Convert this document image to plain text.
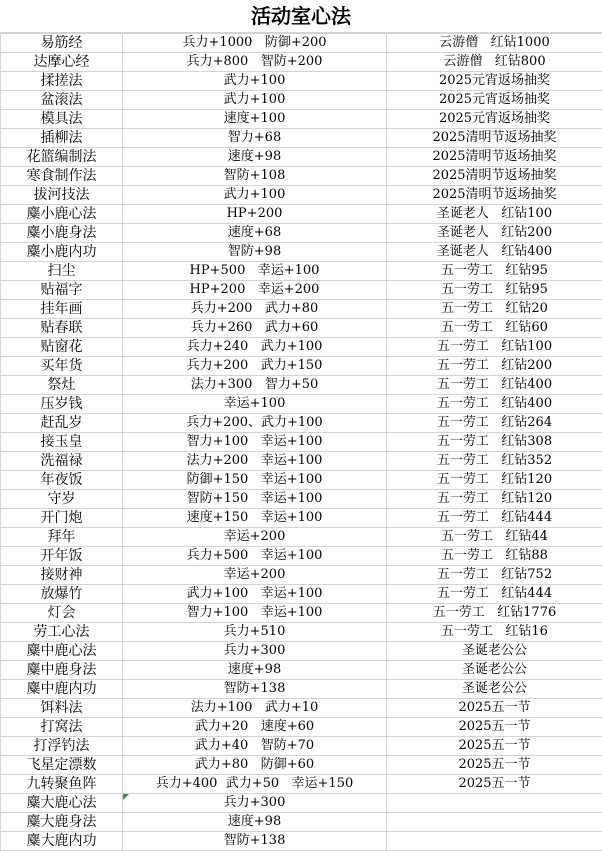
活动室心法
易筋经	兵力+1000   防御+200	云游僧   红钻1000
达摩心经	兵力+800   智防+200	云游僧   红钻800
揉搓法	武力+100	2025元宵返场抽奖
盆滚法	武力+100	2025元宵返场抽奖
模具法	速度+100	2025元宵返场抽奖
插柳法	智力+68	2025清明节返场抽奖
花篮编制法	速度+98	2025清明节返场抽奖
寒食制作法	智防+108	2025清明节返场抽奖
拔河技法	武力+100	2025清明节返场抽奖
麋小鹿心法	HP+200	圣诞老人   红钻100
麋小鹿身法	速度+68	圣诞老人   红钻200
麋小鹿内功	智防+98	圣诞老人   红钻400
扫尘	HP+500   幸运+100	五一劳工   红钻95
贴福字	HP+200   幸运+200	五一劳工   红钻95
挂年画	兵力+200   武力+80	五一劳工   红钻20
贴春联	兵力+260   武力+60	五一劳工   红钻60
贴窗花	兵力+240   武力+100	五一劳工   红钻100
买年货	兵力+200   武力+150	五一劳工   红钻200
祭灶	法力+300   智力+50	五一劳工   红钻400
压岁钱	幸运+100	五一劳工   红钻400
赶乱岁	兵力+200、武力+100	五一劳工   红钻264
接玉皇	智力+100   幸运+100	五一劳工   红钻308
洗福禄	法力+200   幸运+100	五一劳工   红钻352
年夜饭	防御+150   幸运+100	五一劳工   红钻120
守岁	智防+150   幸运+100	五一劳工   红钻120
开门炮	速度+150   幸运+100	五一劳工   红钻444
拜年	幸运+200	五一劳工   红钻44
开年饭	兵力+500   幸运+100	五一劳工   红钻88
接财神	幸运+200	五一劳工   红钻752
放爆竹	武力+100   幸运+100	五一劳工   红钻444
灯会	智力+100   幸运+100	五一劳工   红钻1776
劳工心法	兵力+510	五一劳工   红钻16
麋中鹿心法	兵力+300	圣诞老公公
麋中鹿身法	速度+98	圣诞老公公
麋中鹿内功	智防+138	圣诞老公公
饵料法	法力+100   武力+10	2025五一节
打窝法	武力+20   速度+60	2025五一节
打浮钓法	武力+40   智防+70	2025五一节
飞星定漂数	武力+80   防御+60	2025五一节
九转聚鱼阵	兵力+400  武力+50   幸运+150	2025五一节
麋大鹿心法	兵力+300	
麋大鹿身法	速度+98	
麋大鹿内功	智防+138	
